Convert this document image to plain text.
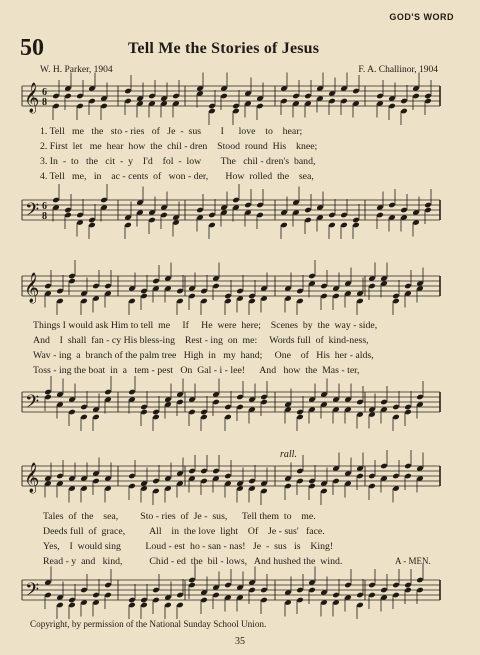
GOD'S WORD
50	Tell Me the Stories of Jesus
W. H. Parker, 1904	F. A. Challinor, 1904
𝄞 6
8
1. Tell   me   the   sto - ries   of   Je  -  sus        I      love    to    hear;
2. First  let   me  hear  how  the  chil - dren    Stood  round  His    knee;
3. In  -  to   the   cit  -  y    I'd    fol  -  low        The   chil - dren's  band,
4. Tell   me,   in    ac - cents  of   won - der,       How  rolled  the    sea,
𝄢 6
8
𝄞
Things I would ask Him to tell  me     If     He  were  here;    Scenes  by  the  way - side,
And    I  shall  fan - cy His bless-ing    Rest - ing  on  me:     Words full  of  kind-ness,
Wav - ing  a  branch of the palm tree   High  in   my  hand;     One    of   His  her - alds,
Toss - ing the boat  in  a   tem - pest   On  Gal - i - lee!      And   how  the  Mas - ter,
𝄢
rall.
𝄞
Tales  of  the    sea,         Sto - ries  of  Je -  sus,      Tell them  to    me.
Deeds full  of  grace,          All    in  the love  light    Of    Je - sus'   face.
Yes,    I  would sing          Loud - est  ho - san - nas!   Je  -  sus   is    King!
Read - y  and   kind,           Chid - ed  the  bil - lows,   And hushed the  wind.	A - MEN.
𝄢
Copyright, by permission of the National Sunday School Union.
35
